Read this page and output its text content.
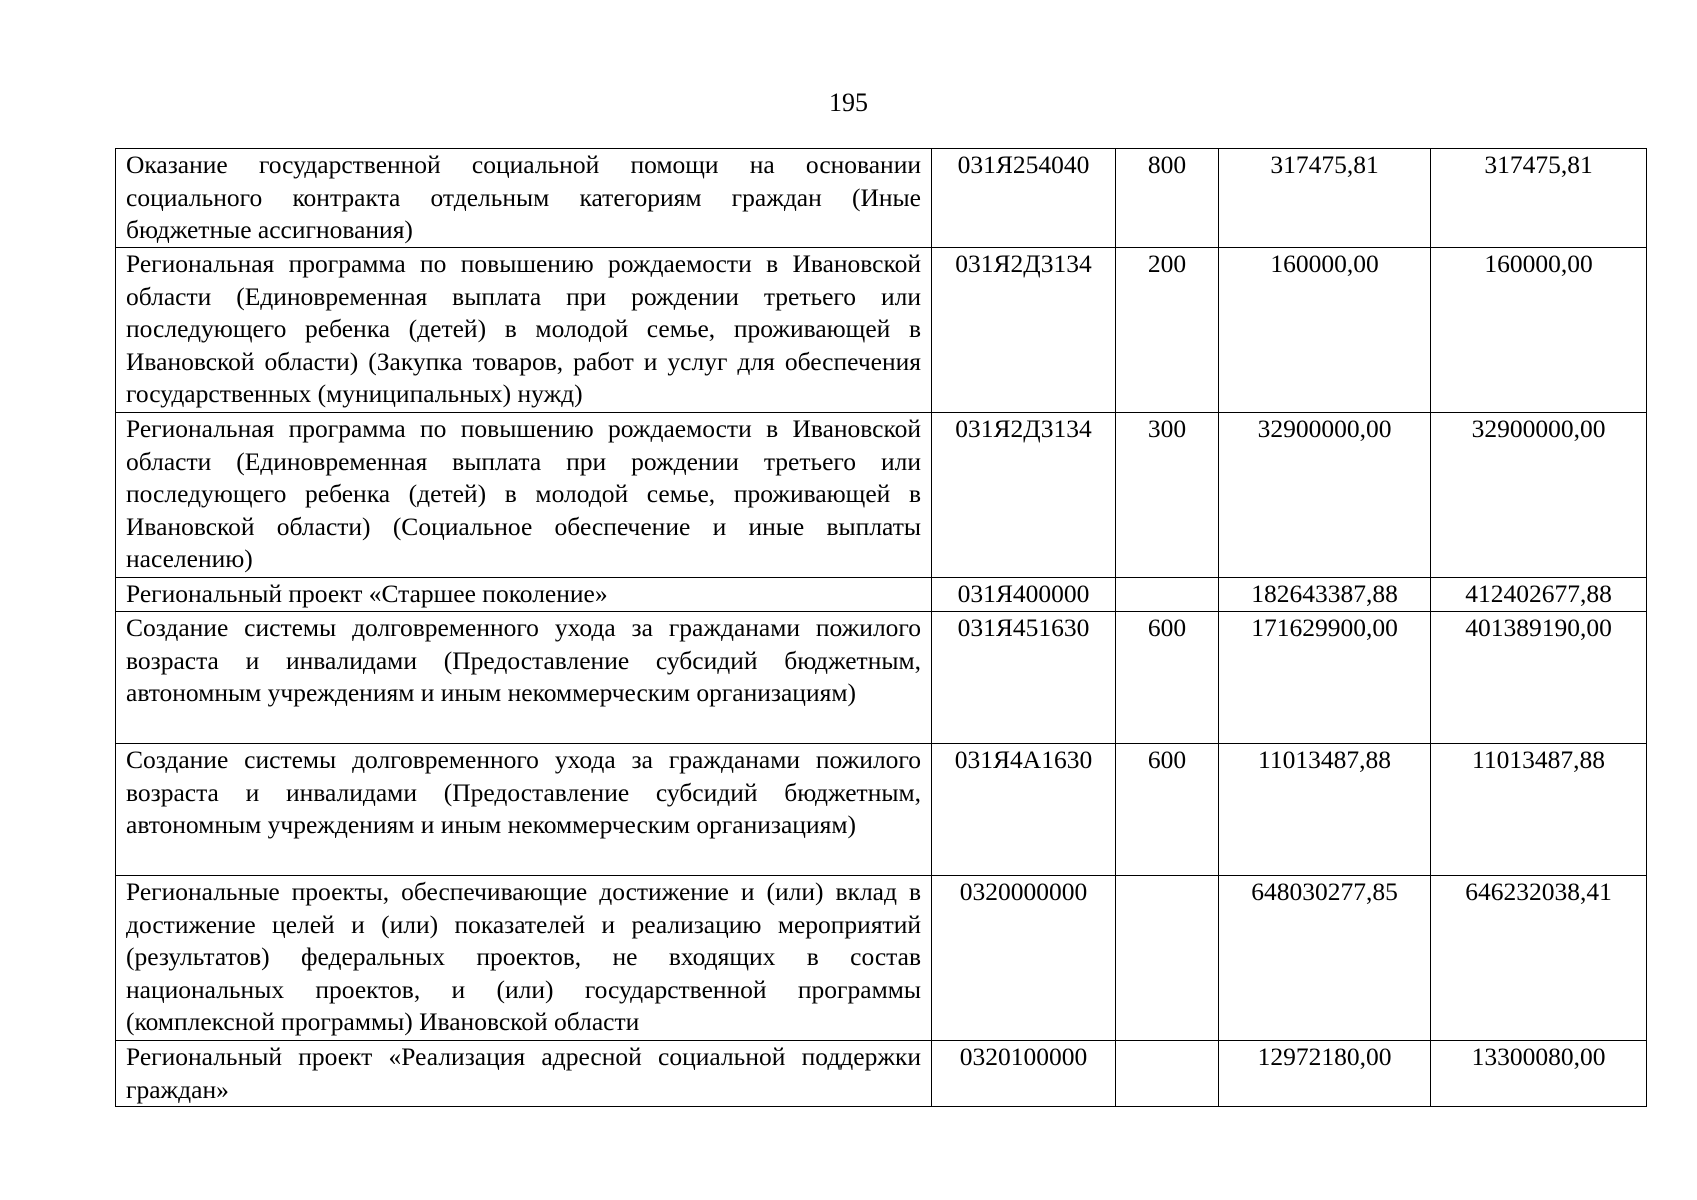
195
Оказание государственной социальной помощи на основании социального контракта отдельным категориям граждан (Иные бюджетные ассигнования)	031Я254040	800	317475,81	317475,81
Региональная программа по повышению рождаемости в Ивановской области (Единовременная выплата при рождении третьего или последующего ребенка (детей) в молодой семье, проживающей в Ивановской области) (Закупка товаров, работ и услуг для обеспечения государственных (муниципальных) нужд)	031Я2Д3134	200	160000,00	160000,00
Региональная программа по повышению рождаемости в Ивановской области (Единовременная выплата при рождении третьего или последующего ребенка (детей) в молодой семье, проживающей в Ивановской области) (Социальное обеспечение и иные выплаты населению)	031Я2Д3134	300	32900000,00	32900000,00
Региональный проект «Старшее поколение»	031Я400000		182643387,88	412402677,88
Создание системы долговременного ухода за гражданами пожилого возраста и инвалидами (Предоставление субсидий бюджетным, автономным учреждениям и иным некоммерческим организациям)	031Я451630	600	171629900,00	401389190,00
Создание системы долговременного ухода за гражданами пожилого возраста и инвалидами (Предоставление субсидий бюджетным, автономным учреждениям и иным некоммерческим организациям)	031Я4А1630	600	11013487,88	11013487,88
Региональные проекты, обеспечивающие достижение и (или) вклад в достижение целей и (или) показателей и реализацию мероприятий (результатов) федеральных проектов, не входящих в состав национальных проектов, и (или) государственной программы (комплексной программы) Ивановской области	0320000000		648030277,85	646232038,41
Региональный проект «Реализация адресной социальной поддержки граждан»	0320100000		12972180,00	13300080,00
